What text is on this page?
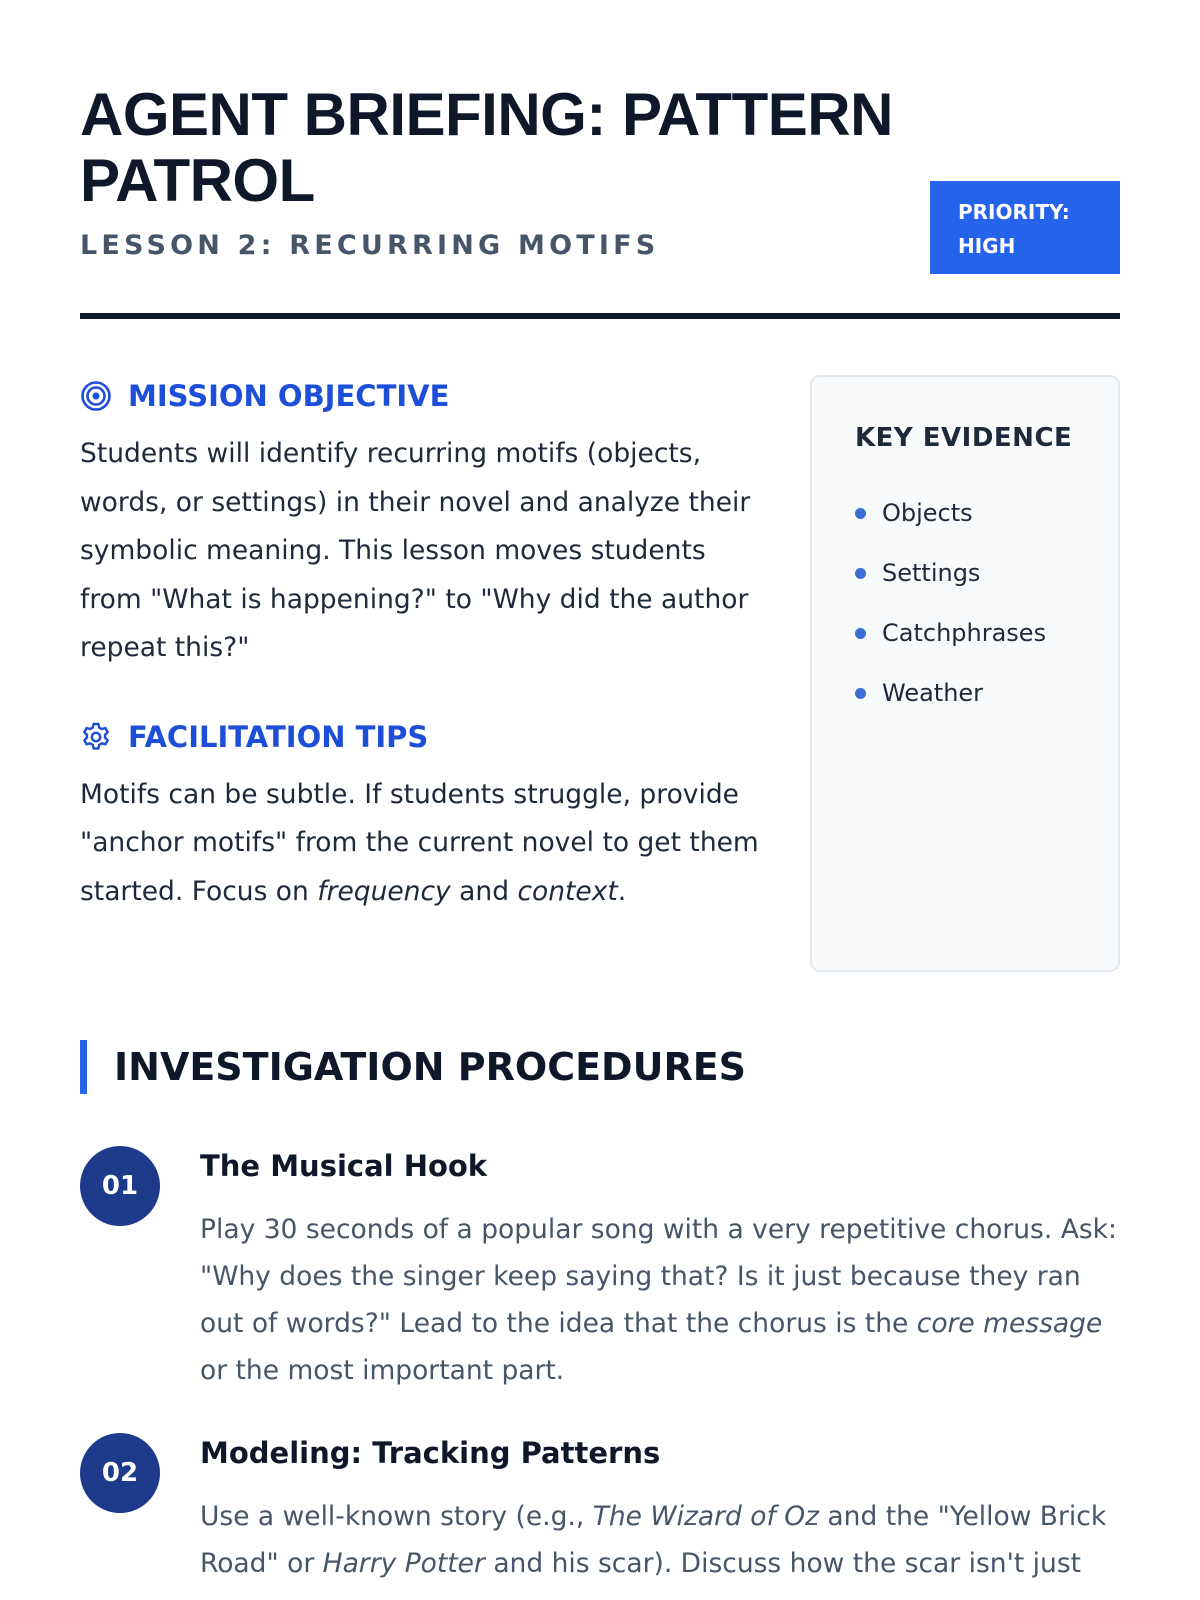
AGENT BRIEFING: PATTERN PATROL

LESSON 2: RECURRING MOTIFS

PRIORITY:
HIGH
MISSION OBJECTIVE

Students will identify recurring motifs (objects, words, or settings) in their novel and analyze their symbolic meaning. This lesson moves students from "What is happening?" to "Why did the author repeat this?"

FACILITATION TIPS

Motifs can be subtle. If students struggle, provide "anchor motifs" from the current novel to get them started. Focus on frequency and context.

KEY EVIDENCE
Objects
Settings
Catchphrases
Weather
INVESTIGATION PROCEDURES
01
The Musical Hook

Play 30 seconds of a popular song with a very repetitive chorus. Ask: "Why does the singer keep saying that? Is it just because they ran out of words?" Lead to the idea that the chorus is the core message or the most important part.

02
Modeling: Tracking Patterns

Use a well-known story (e.g., The Wizard of Oz and the "Yellow Brick Road" or Harry Potter and his scar). Discuss how the scar isn't just
